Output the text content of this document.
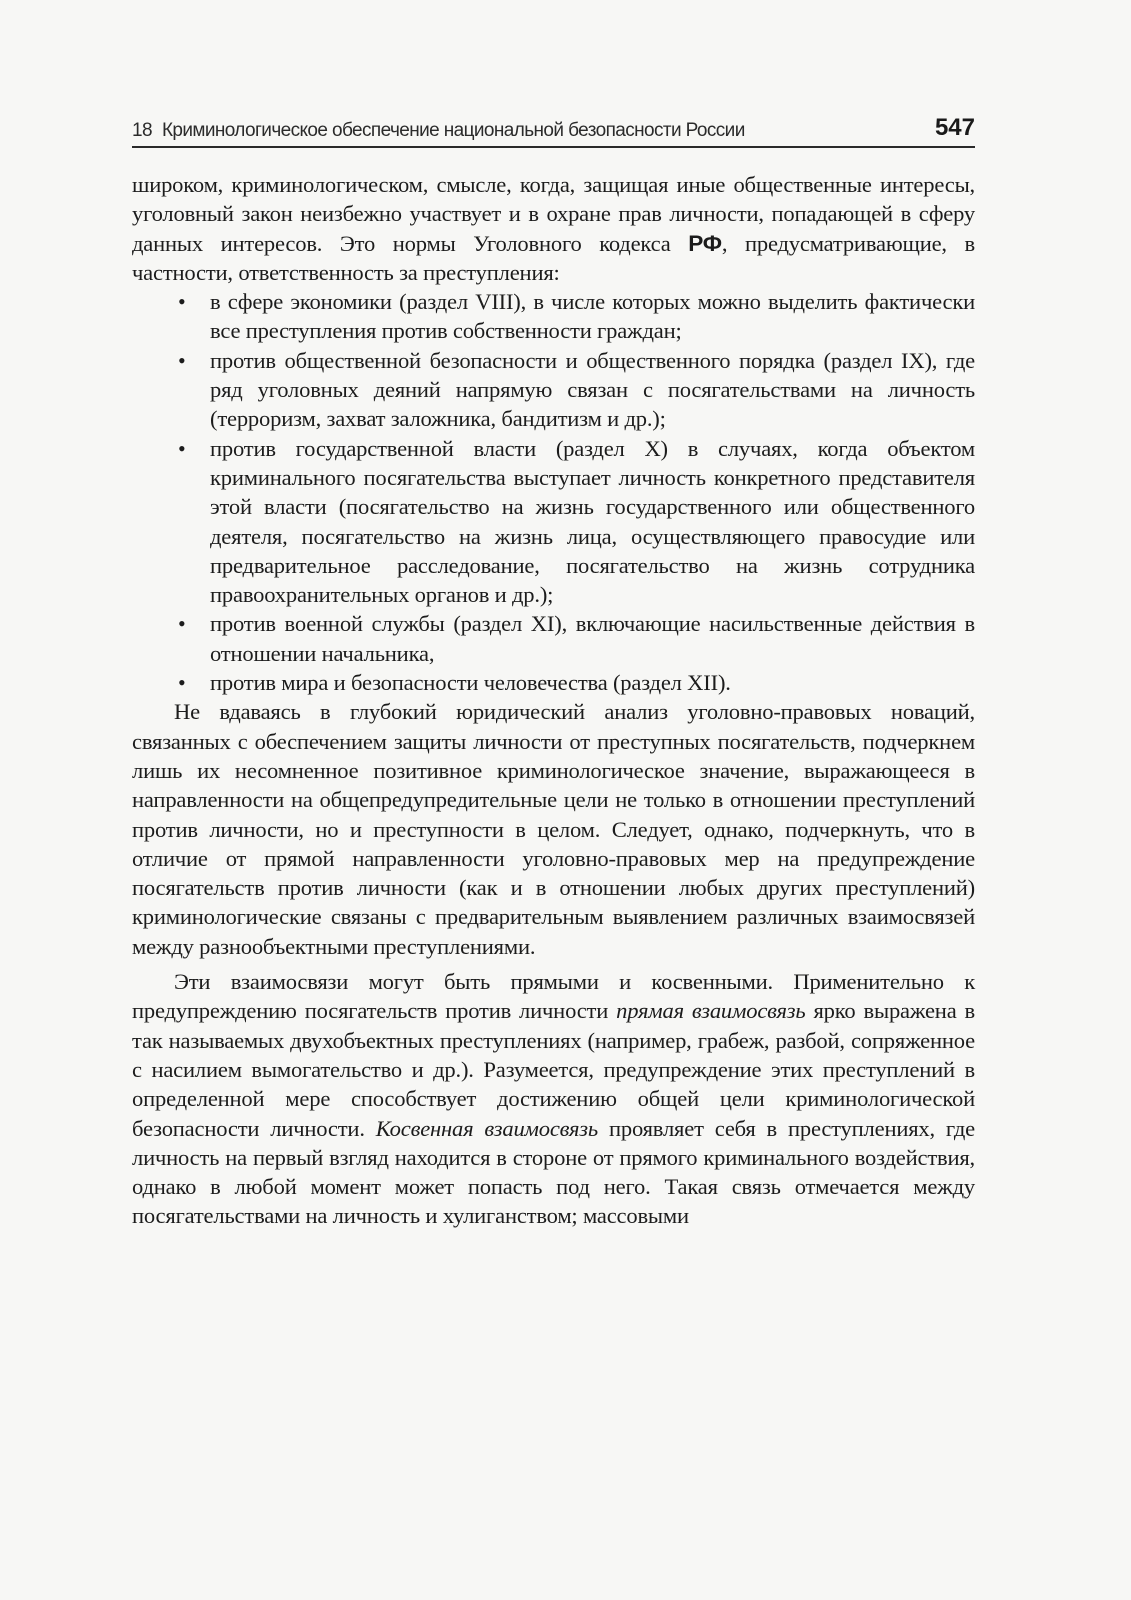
18 Криминологическое обеспечение национальной безопасности России	547

широком, криминологическом, смысле, когда, защищая иные общественные интересы, уголовный закон неизбежно участвует и в охране прав личности, попадающей в сферу данных интересов. Это нормы Уголовного кодекса РФ, предусматривающие, в частности, ответственность за преступления:

• в сфере экономики (раздел VIII), в числе которых можно выделить фактически все преступления против собственности граждан;
• против общественной безопасности и общественного порядка (раздел IX), где ряд уголовных деяний напрямую связан с посягательствами на личность (терроризм, захват заложника, бандитизм и др.);
• против государственной власти (раздел X) в случаях, когда объектом криминального посягательства выступает личность конкретного представителя этой власти (посягательство на жизнь государственного или общественного деятеля, посягательство на жизнь лица, осуществляющего правосудие или предварительное расследование, посягательство на жизнь сотрудника правоохранительных органов и др.);
• против военной службы (раздел XI), включающие насильственные действия в отношении начальника,
• против мира и безопасности человечества (раздел XII).

Не вдаваясь в глубокий юридический анализ уголовно-правовых новаций, связанных с обеспечением защиты личности от преступных посягательств, подчеркнем лишь их несомненное позитивное криминологическое значение, выражающееся в направленности на общепредупредительные цели не только в отношении преступлений против личности, но и преступности в целом. Следует, однако, подчеркнуть, что в отличие от прямой направленности уголовно-правовых мер на предупреждение посягательств против личности (как и в отношении любых других преступлений) криминологические связаны с предварительным выявлением различных взаимосвязей между разнообъектными преступлениями.

Эти взаимосвязи могут быть прямыми и косвенными. Применительно к предупреждению посягательств против личности прямая взаимосвязь ярко выражена в так называемых двухобъектных преступлениях (например, грабеж, разбой, сопряженное с насилием вымогательство и др.). Разумеется, предупреждение этих преступлений в определенной мере способствует достижению общей цели криминологической безопасности личности. Косвенная взаимосвязь проявляет себя в преступлениях, где личность на первый взгляд находится в стороне от прямого криминального воздействия, однако в любой момент может попасть под него. Такая связь отмечается между посягательствами на личность и хулиганством; массовыми
